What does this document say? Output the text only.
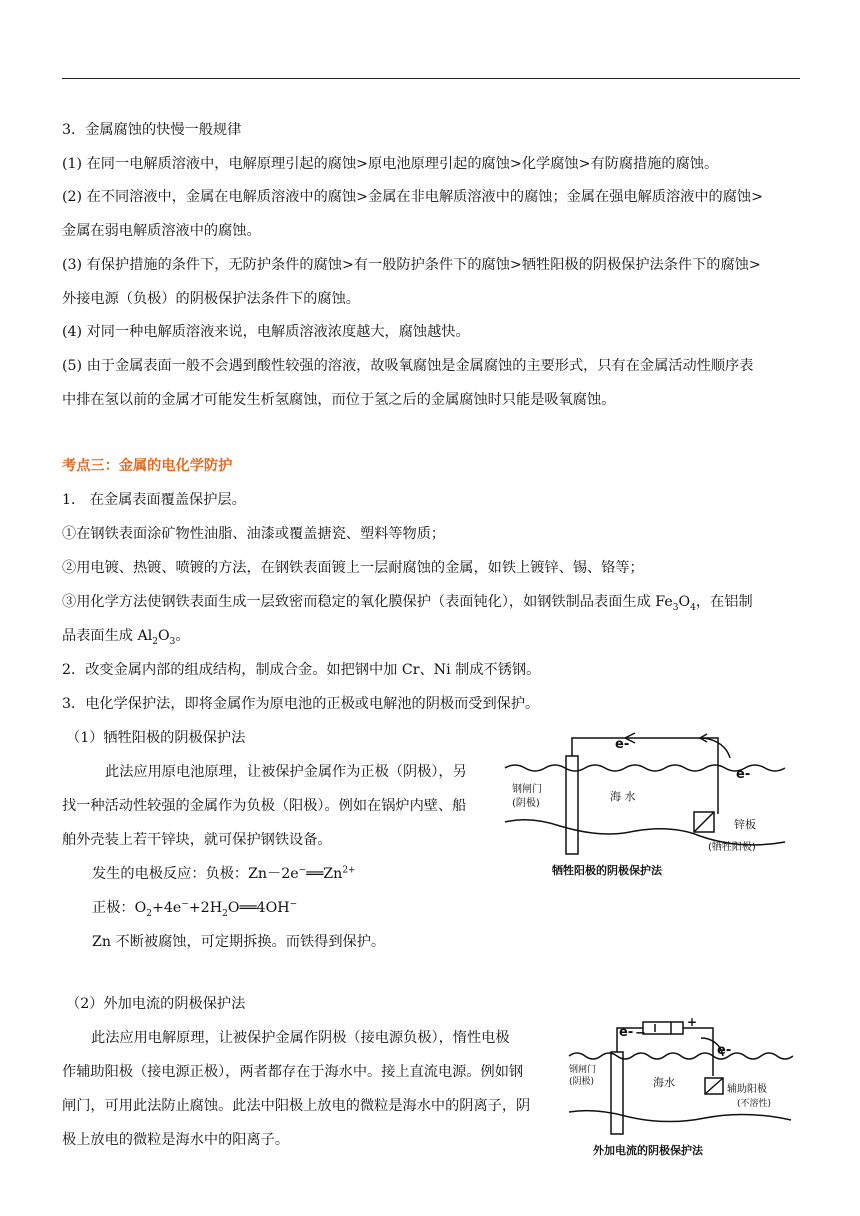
3．金属腐蚀的快慢一般规律
(1) 在同一电解质溶液中，电解原理引起的腐蚀>原电池原理引起的腐蚀>化学腐蚀>有防腐措施的腐蚀。
(2) 在不同溶液中，金属在电解质溶液中的腐蚀>金属在非电解质溶液中的腐蚀；金属在强电解质溶液中的腐蚀>
金属在弱电解质溶液中的腐蚀。
(3) 有保护措施的条件下，无防护条件的腐蚀>有一般防护条件下的腐蚀>牺牲阳极的阴极保护法条件下的腐蚀>
外接电源（负极）的阴极保护法条件下的腐蚀。
(4) 对同一种电解质溶液来说，电解质溶液浓度越大，腐蚀越快。
(5) 由于金属表面一般不会遇到酸性较强的溶液，故吸氧腐蚀是金属腐蚀的主要形式，只有在金属活动性顺序表
中排在氢以前的金属才可能发生析氢腐蚀，而位于氢之后的金属腐蚀时只能是吸氧腐蚀。
考点三：金属的电化学防护
1． 在金属表面覆盖保护层。
①在钢铁表面涂矿物性油脂、油漆或覆盖搪瓷、塑料等物质；
②用电镀、热镀、喷镀的方法，在钢铁表面镀上一层耐腐蚀的金属，如铁上镀锌、锡、铬等；
③用化学方法使钢铁表面生成一层致密而稳定的氧化膜保护（表面钝化），如钢铁制品表面生成 $Fe_3O_4$，在铝制
品表面生成 $Al_2O_3$。
2．改变金属内部的组成结构，制成合金。如把钢中加 Cr、Ni 制成不锈钢。
3．电化学保护法，即将金属作为原电池的正极或电解池的阴极而受到保护。
（1）牺牲阳极的阴极保护法
此法应用原电池原理，让被保护金属作为正极（阴极），另
找一种活动性较强的金属作为负极（阳极）。例如在锅炉内壁、船
舶外壳装上若干锌块，就可保护钢铁设备。
发生的电极反应：负极：$Zn-2e^-══Zn^{2+}$
正极：$O_2+4e^-+2H_2O══4OH^-$
Zn 不断被腐蚀，可定期拆换。而铁得到保护。
e-
e-
钢闸门
(阴极)
海 水
锌板
(牺牲阳极)
牺牲阳极的阴极保护法
（2）外加电流的阴极保护法
此法应用电解原理，让被保护金属作阴极（接电源负极），惰性电极
作辅助阳极（接电源正极），两者都存在于海水中。接上直流电源。例如钢
闸门，可用此法防止腐蚀。此法中阳极上放电的微粒是海水中的阴离子，阴
极上放电的微粒是海水中的阳离子。
e- −
+
e-
钢闸门
(阴极)	海水
辅助阳极
(不溶性)
外加电流的阴极保护法
